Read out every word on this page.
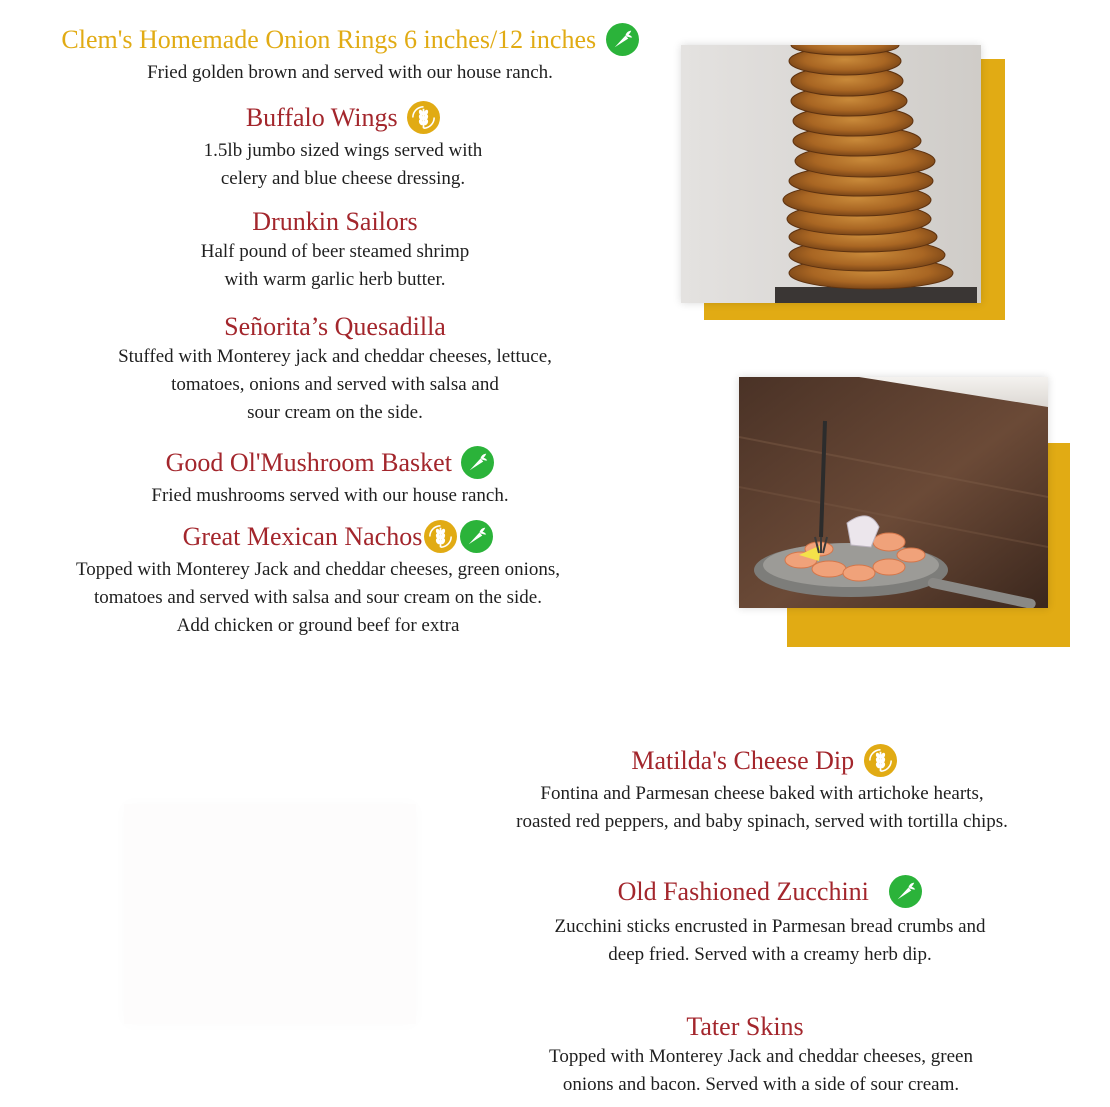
Clem's Homemade Onion Rings 6 inches/12 inches
Fried golden brown and served with our house ranch.
Buffalo Wings
1.5lb jumbo sized wings served with
celery and blue cheese dressing.
Drunkin Sailors
Half pound of beer steamed shrimp
with warm garlic herb butter.
Señorita’s Quesadilla
Stuffed with Monterey jack and cheddar cheeses, lettuce,
tomatoes, onions and served with salsa and
sour cream on the side.
Good Ol'Mushroom Basket
Fried mushrooms served with our house ranch.
Great Mexican Nachos
Topped with Monterey Jack and cheddar cheeses, green onions,
tomatoes and served with salsa and sour cream on the side.
Add chicken or ground beef for extra
Matilda's Cheese Dip
Fontina and Parmesan cheese baked with artichoke hearts,
roasted red peppers, and baby spinach, served with tortilla chips.
Old Fashioned Zucchini
Zucchini sticks encrusted in Parmesan bread crumbs and
deep fried. Served with a creamy herb dip.
Tater Skins
Topped with Monterey Jack and cheddar cheeses, green
onions and bacon. Served with a side of sour cream.
